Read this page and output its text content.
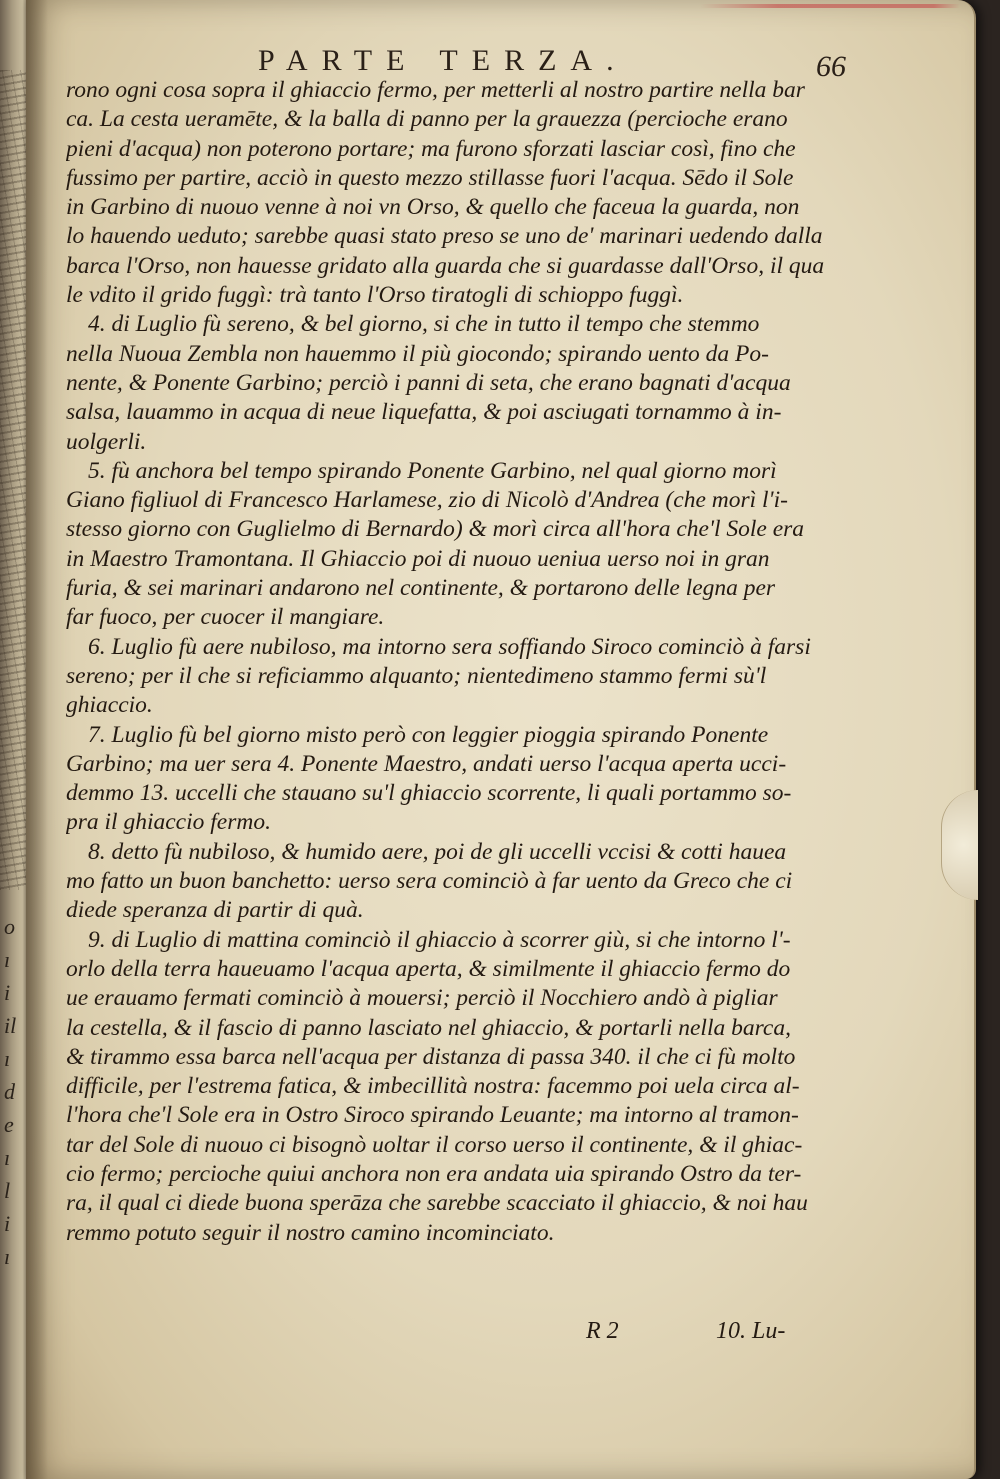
o
ı
i
il
ı
d
e
ı
l
i
ı
PARTE TERZA.	66
rono ogni cosa sopra il ghiaccio fermo, per metterli al nostro partire nella bar
ca. La cesta ueramēte, & la balla di panno per la grauezza (percioche erano
pieni d'acqua) non poterono portare; ma furono sforzati lasciar così, fino che
fussimo per partire, acciò in questo mezzo stillasse fuori l'acqua. Sēdo il Sole
in Garbino di nuouo venne à noi vn Orso, & quello che faceua la guarda, non
lo hauendo ueduto; sarebbe quasi stato preso se uno de' marinari uedendo dalla
barca l'Orso, non hauesse gridato alla guarda che si guardasse dall'Orso, il qua
le vdito il grido fuggì: trà tanto l'Orso tiratogli di schioppo fuggì.
4. di Luglio fù sereno, & bel giorno, si che in tutto il tempo che stemmo
nella Nuoua Zembla non hauemmo il più giocondo; spirando uento da Po-
nente, & Ponente Garbino; perciò i panni di seta, che erano bagnati d'acqua
salsa, lauammo in acqua di neue liquefatta, & poi asciugati tornammo à in-
uolgerli.
5. fù anchora bel tempo spirando Ponente Garbino, nel qual giorno morì
Giano figliuol di Francesco Harlamese, zio di Nicolò d'Andrea (che morì l'i-
stesso giorno con Guglielmo di Bernardo) & morì circa all'hora che'l Sole era
in Maestro Tramontana. Il Ghiaccio poi di nuouo ueniua uerso noi in gran
furia, & sei marinari andarono nel continente, & portarono delle legna per
far fuoco, per cuocer il mangiare.
6. Luglio fù aere nubiloso, ma intorno sera soffiando Siroco cominciò à farsi
sereno; per il che si reficiammo alquanto; nientedimeno stammo fermi sù'l
ghiaccio.
7. Luglio fù bel giorno misto però con leggier pioggia spirando Ponente
Garbino; ma uer sera 4. Ponente Maestro, andati uerso l'acqua aperta ucci-
demmo 13. uccelli che stauano su'l ghiaccio scorrente, li quali portammo so-
pra il ghiaccio fermo.
8. detto fù nubiloso, & humido aere, poi de gli uccelli vccisi & cotti hauea
mo fatto un buon banchetto: uerso sera cominciò à far uento da Greco che ci
diede speranza di partir di quà.
9. di Luglio di mattina cominciò il ghiaccio à scorrer giù, si che intorno l'-
orlo della terra haueuamo l'acqua aperta, & similmente il ghiaccio fermo do
ue erauamo fermati cominciò à mouersi; perciò il Nocchiero andò à pigliar
la cestella, & il fascio di panno lasciato nel ghiaccio, & portarli nella barca,
& tirammo essa barca nell'acqua per distanza di passa 340. il che ci fù molto
difficile, per l'estrema fatica, & imbecillità nostra: facemmo poi uela circa al-
l'hora che'l Sole era in Ostro Siroco spirando Leuante; ma intorno al tramon-
tar del Sole di nuouo ci bisognò uoltar il corso uerso il continente, & il ghiac-
cio fermo; percioche quiui anchora non era andata uia spirando Ostro da ter-
ra, il qual ci diede buona sperāza che sarebbe scacciato il ghiaccio, & noi hau
remmo potuto seguir il nostro camino incominciato.
R 2	10. Lu-
